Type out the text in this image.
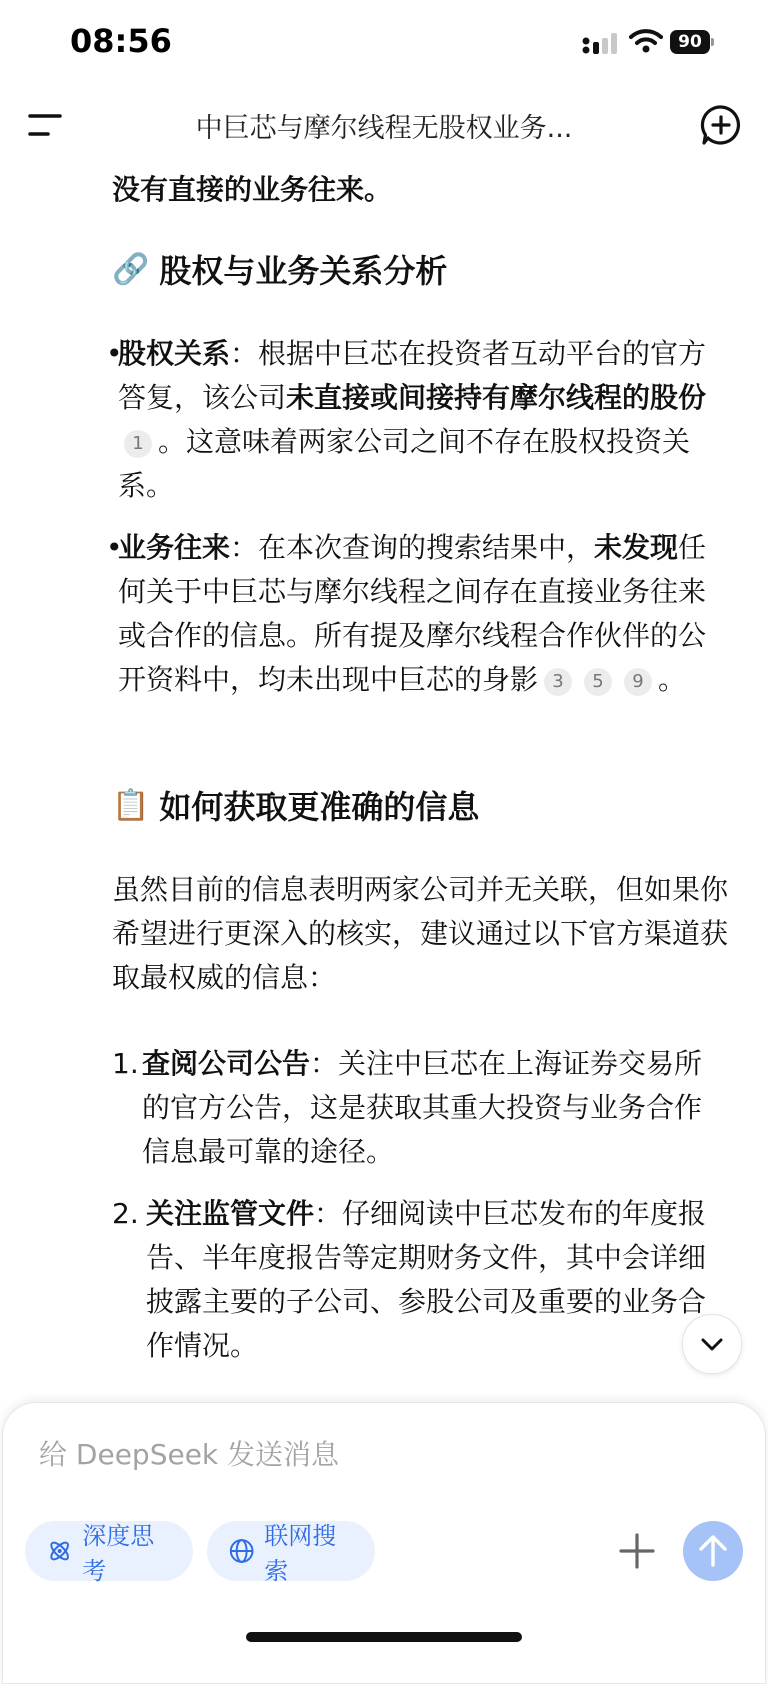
08:56	90
中巨芯与摩尔线程无股权业务...
没有直接的业务往来。
🔗 股权与业务关系分析
•
股权关系：根据中巨芯在投资者互动平台的官方答复，该公司未直接或间接持有摩尔线程的股份1 。这意味着两家公司之间不存在股权投资关系。
•
业务往来：在本次查询的搜索结果中，未发现任何关于中巨芯与摩尔线程之间存在直接业务往来或合作的信息。所有提及摩尔线程合作伙伴的公开资料中，均未出现中巨芯的身影 3 5 9 。
📋 如何获取更准确的信息
虽然目前的信息表明两家公司并无关联，但如果你希望进行更深入的核实，建议通过以下官方渠道获取最权威的信息：
1. 查阅公司公告：关注中巨芯在上海证券交易所的官方公告，这是获取其重大投资与业务合作信息最可靠的途径。
2. 关注监管文件：仔细阅读中巨芯发布的年度报告、半年度报告等定期财务文件，其中会详细披露主要的子公司、参股公司及重要的业务合作情况。
给 DeepSeek 发送消息
深度思考
联网搜索
